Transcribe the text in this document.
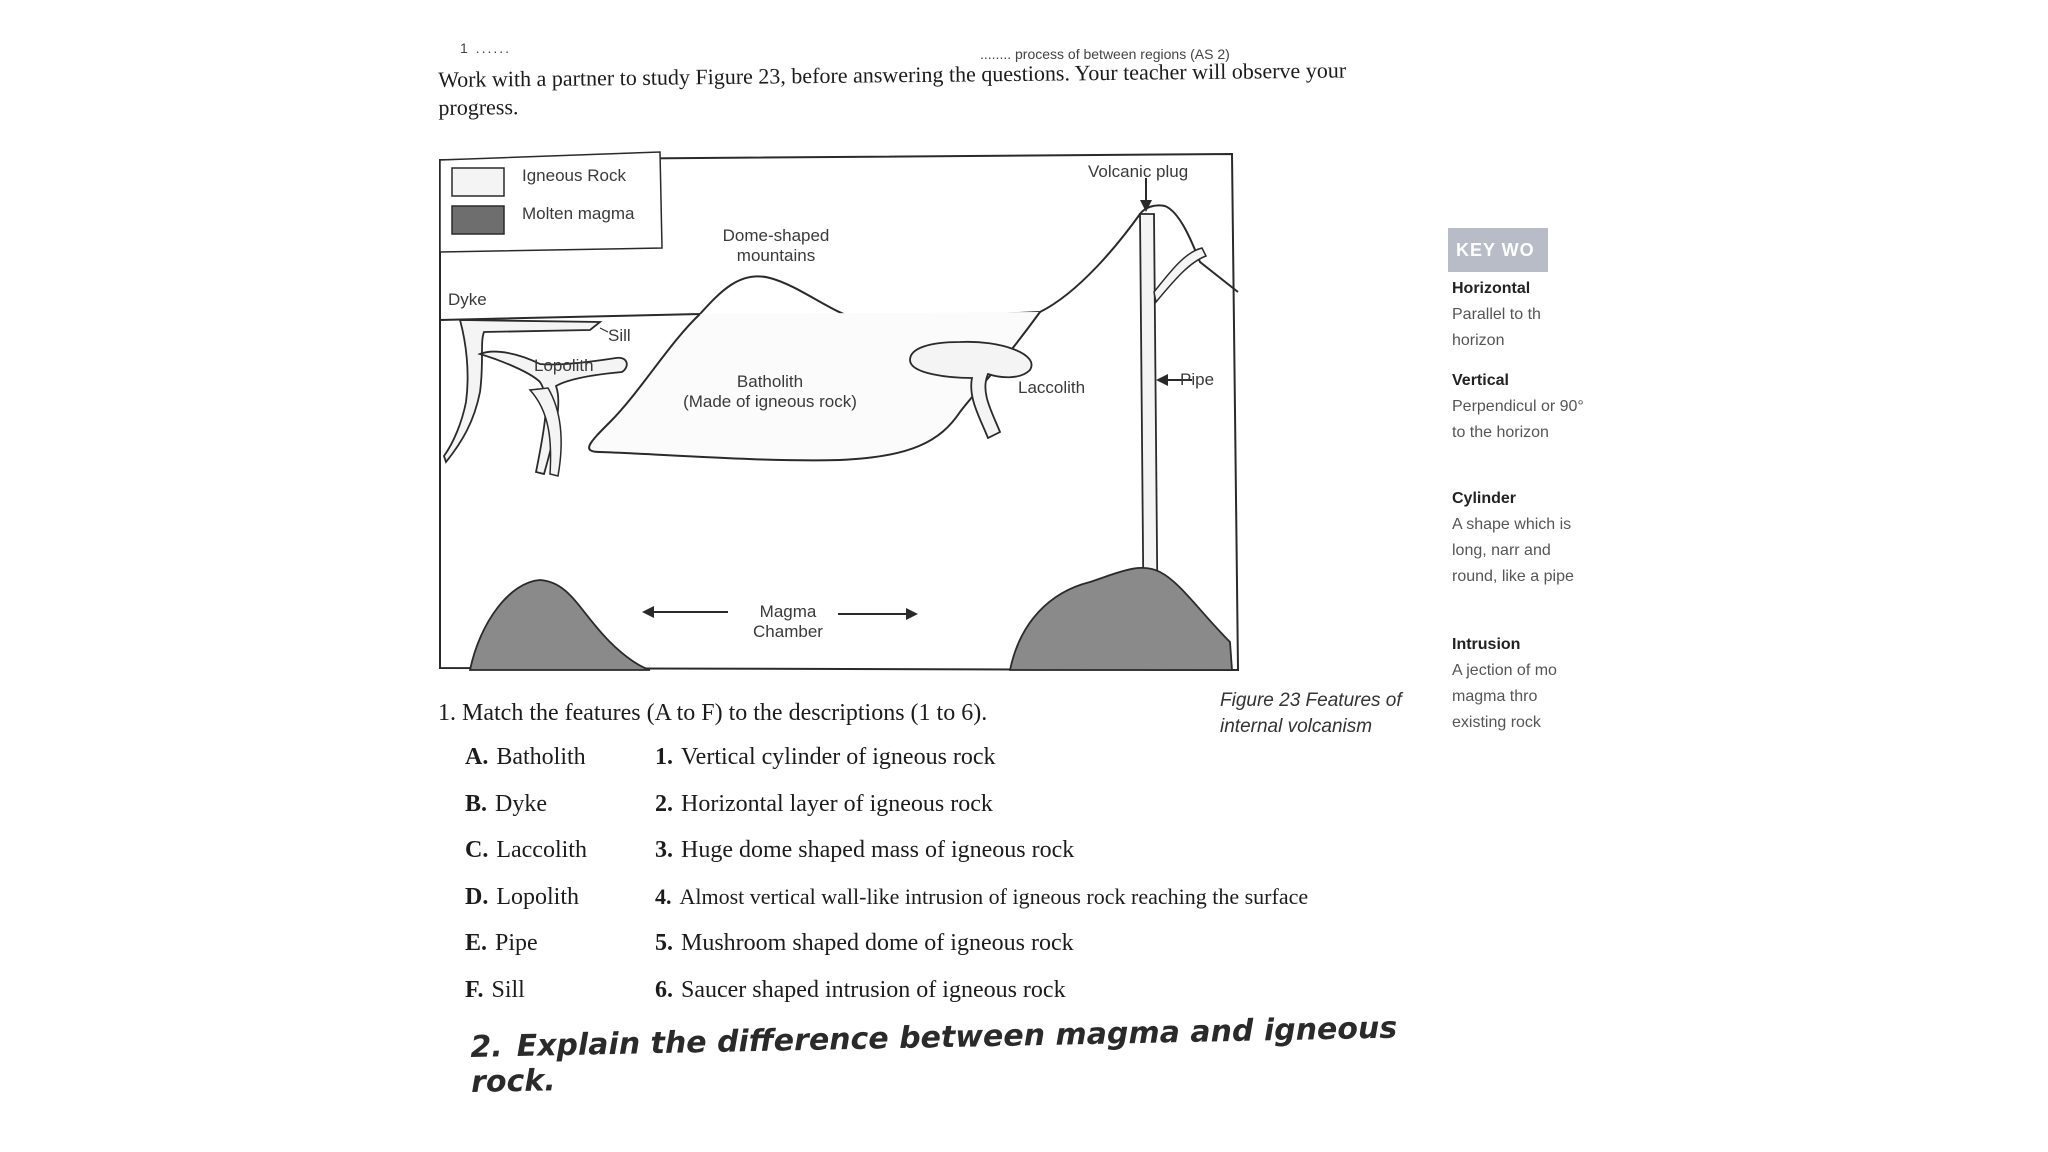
1 ......	........ process of between regions (AS 2)
Work with a partner to study Figure 23, before answering the questions. Your teacher will observe your progress.
Igneous Rock
Molten magma
Volcanic plug
Dome-shaped
mountains
Dyke
Sill
Lopolith
Batholith
(Made of igneous rock)
Laccolith	Pipe
Magma
Chamber
Figure 23 Features of
internal volcanism
1. Match the features (A to F) to the descriptions (1 to 6).
A. Batholith
B. Dyke
C. Laccolith
D. Lopolith
E. Pipe
F. Sill
1. Vertical cylinder of igneous rock
2. Horizontal layer of igneous rock
3. Huge dome shaped mass of igneous rock
4. Almost vertical wall-like intrusion of igneous rock reaching the surface
5. Mushroom shaped dome of igneous rock
6. Saucer shaped intrusion of igneous rock
2. Explain the difference between magma and igneous rock.
KEY WO
Horizontal
Parallel to th horizon
Vertical
Perpendicul or 90° to the horizon
Cylinder
A shape which is long, narr and round, like a pipe
Intrusion
A jection of mo magma thro existing rock
